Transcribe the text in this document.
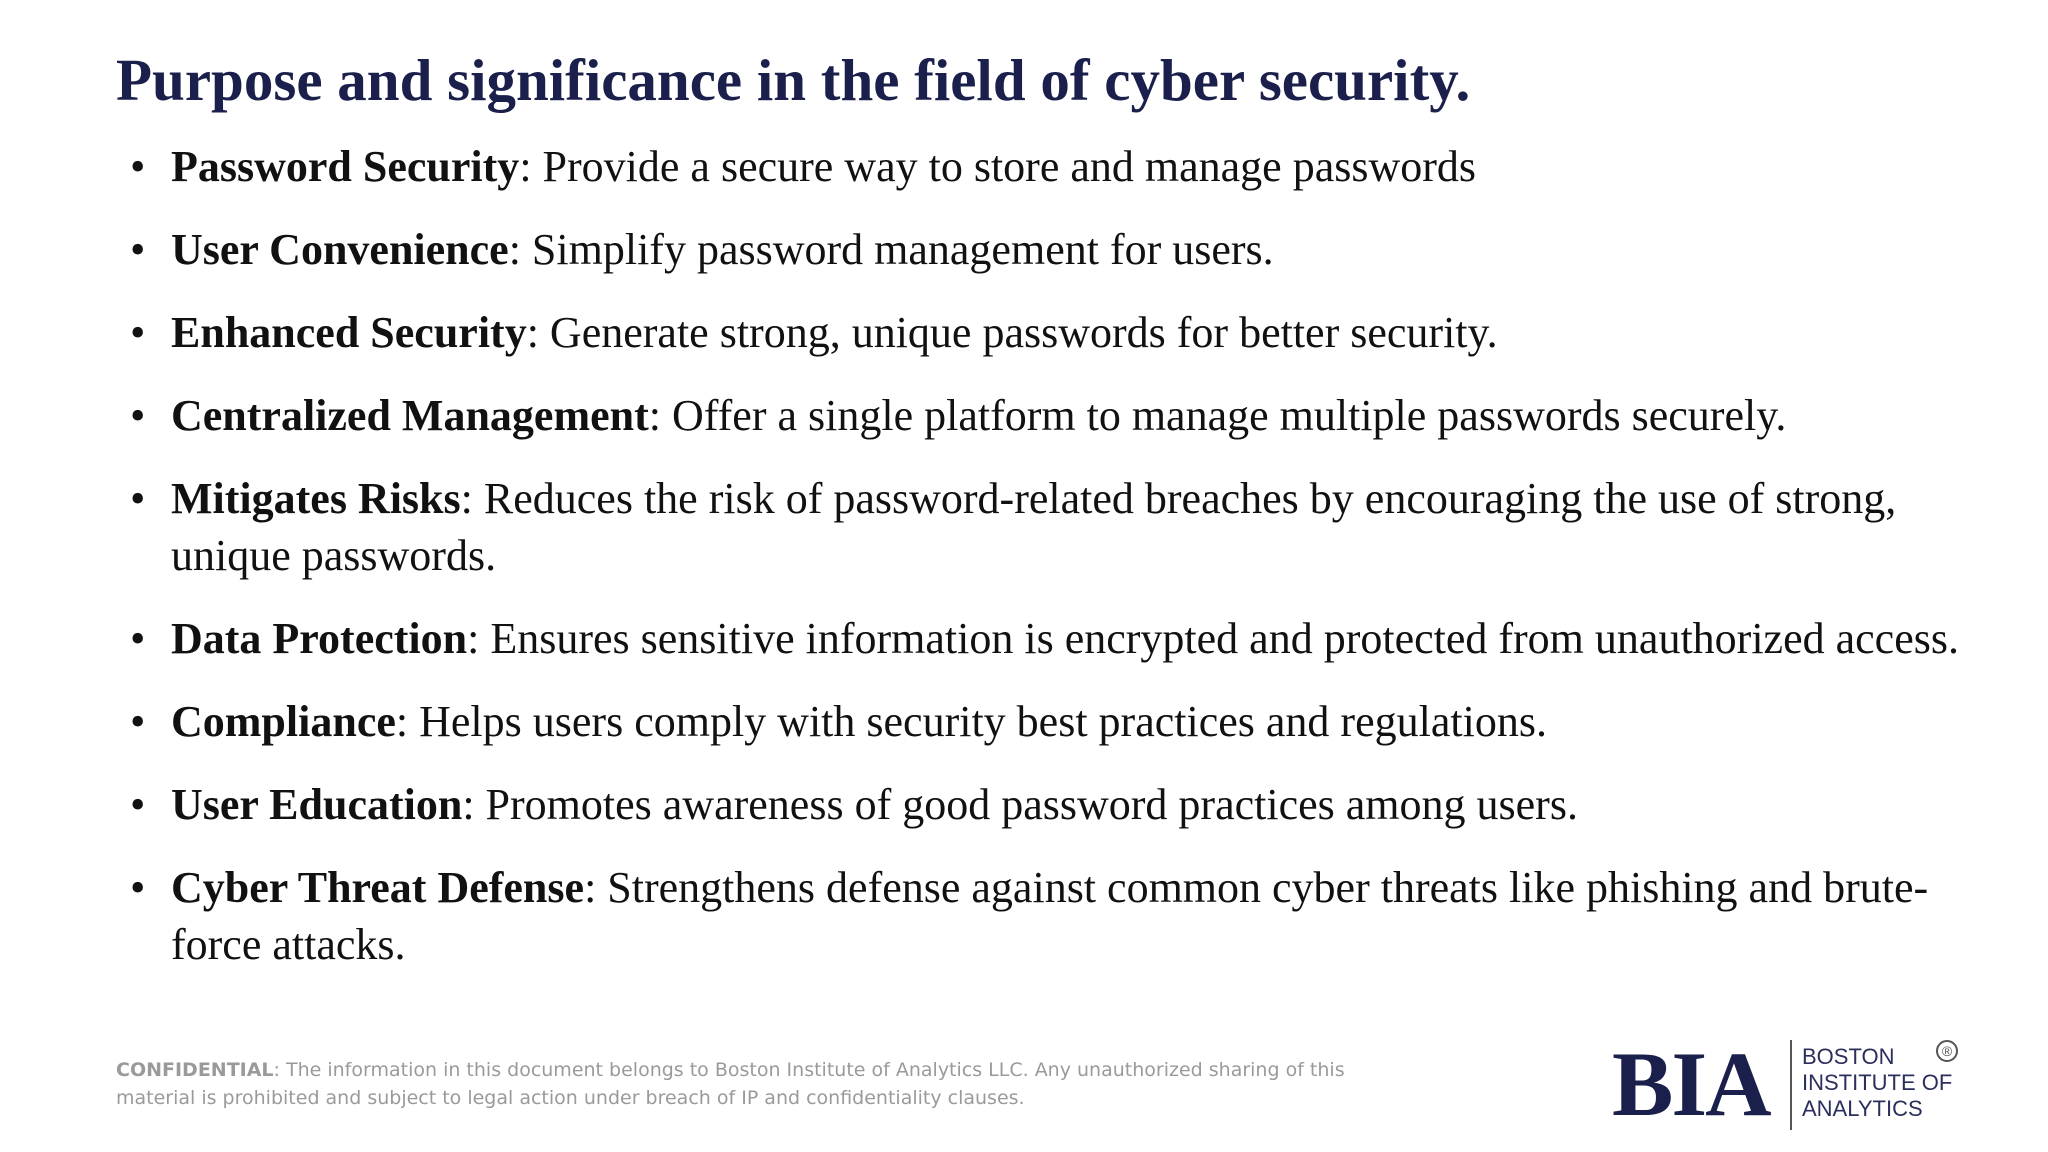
Purpose and significance in the field of cyber security.
• Password Security: Provide a secure way to store and manage passwords
• User Convenience: Simplify password management for users.
• Enhanced Security: Generate strong, unique passwords for better security.
• Centralized Management: Offer a single platform to manage multiple passwords securely.
• Mitigates Risks: Reduces the risk of password-related breaches by encouraging the use of strong, unique passwords.
• Data Protection: Ensures sensitive information is encrypted and protected from unauthorized access.
• Compliance: Helps users comply with security best practices and regulations.
• User Education: Promotes awareness of good password practices among users.
• Cyber Threat Defense: Strengthens defense against common cyber threats like phishing and brute-force attacks.
CONFIDENTIAL: The information in this document belongs to Boston Institute of Analytics LLC. Any unauthorized sharing of this material is prohibited and subject to legal action under breach of IP and confidentiality clauses.	BIA BOSTON
INSTITUTE OF
ANALYTICS
®
